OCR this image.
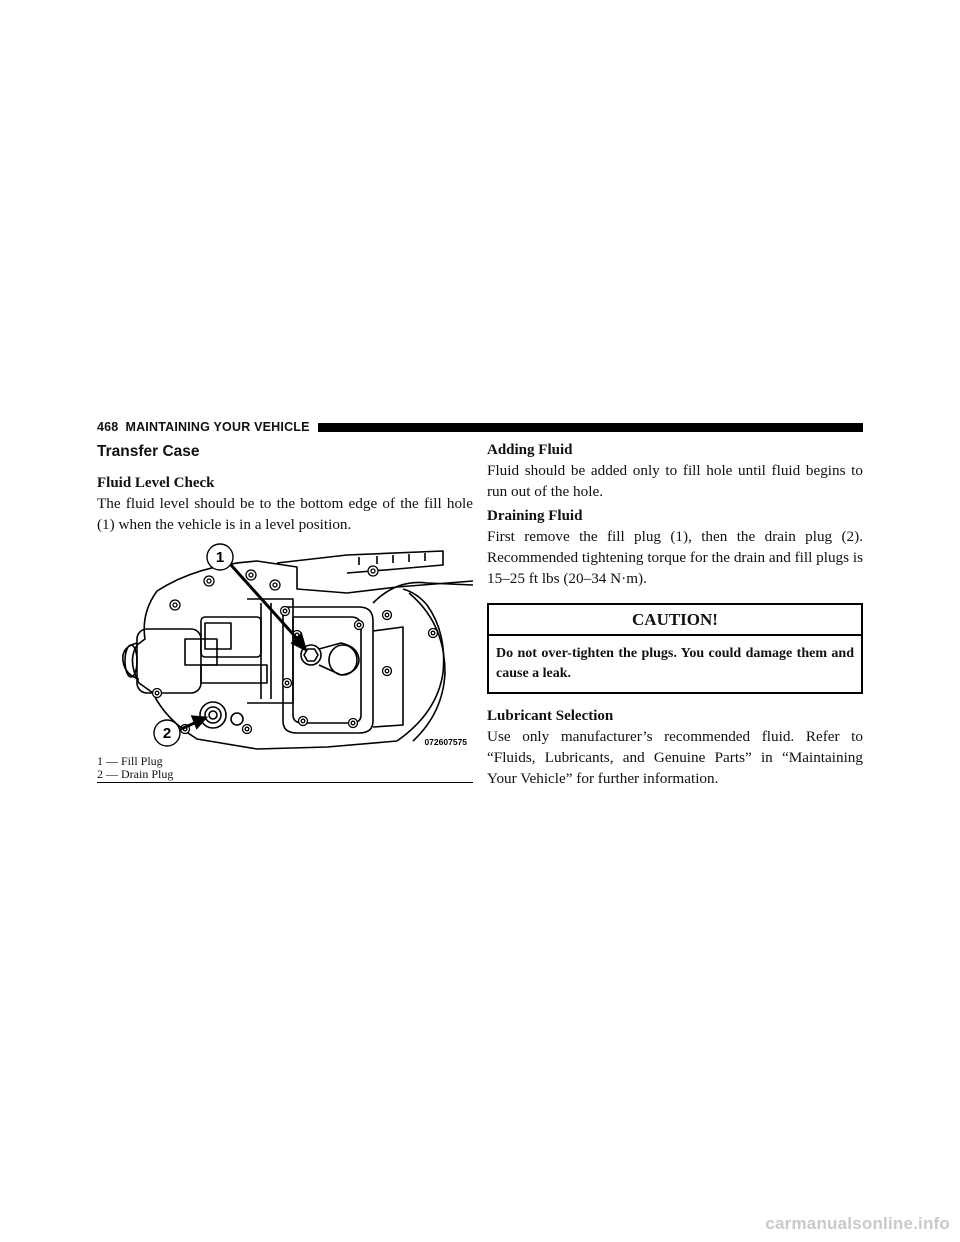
468 MAINTAINING YOUR VEHICLE
Transfer Case
Fluid Level Check

The fluid level should be to the bottom edge of the fill hole (1) when the vehicle is in a level position.

1
2	072607575
1 — Fill Plug
2 — Drain Plug
Adding Fluid

Fluid should be added only to fill hole until fluid begins to run out of the hole.

Draining Fluid

First remove the fill plug (1), then the drain plug (2). Recommended tightening torque for the drain and fill plugs is 15–25 ft lbs (20–34 N·m).

CAUTION!
Do not over-tighten the plugs. You could damage them and cause a leak.
Lubricant Selection

Use only manufacturer’s recommended fluid. Refer to “Fluids, Lubricants, and Genuine Parts” in “Maintaining Your Vehicle” for further information.

carmanualsonline.info
